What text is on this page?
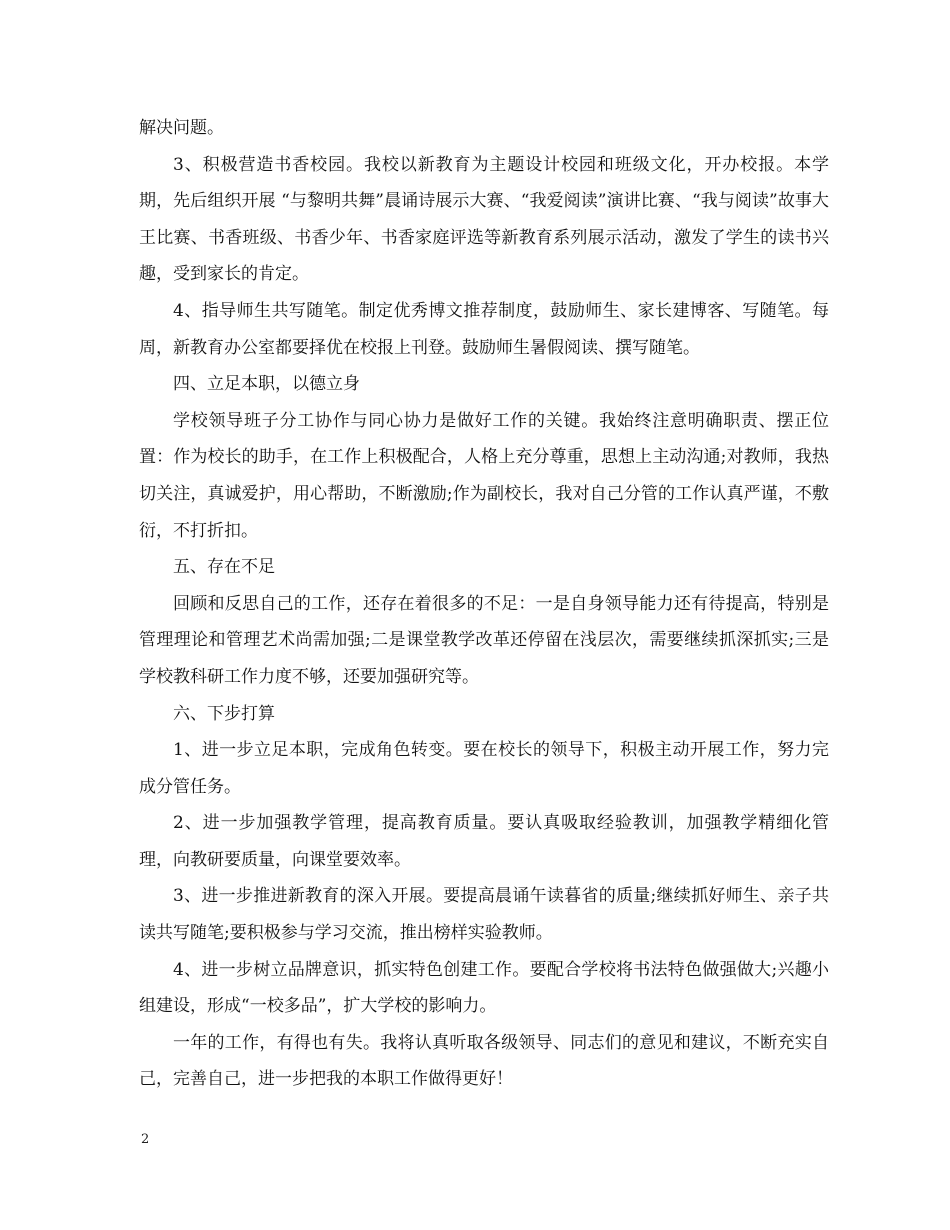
解决问题。

3、积极营造书香校园。我校以新教育为主题设计校园和班级文化，开办校报。本学期，先后组织开展 “与黎明共舞”晨诵诗展示大赛、“我爱阅读”演讲比赛、“我与阅读”故事大王比赛、书香班级、书香少年、书香家庭评选等新教育系列展示活动，激发了学生的读书兴趣，受到家长的肯定。

4、指导师生共写随笔。制定优秀博文推荐制度，鼓励师生、家长建博客、写随笔。每周，新教育办公室都要择优在校报上刊登。鼓励师生暑假阅读、撰写随笔。

四、立足本职，以德立身

学校领导班子分工协作与同心协力是做好工作的关键。我始终注意明确职责、摆正位置：作为校长的助手，在工作上积极配合，人格上充分尊重，思想上主动沟通;对教师，我热切关注，真诚爱护，用心帮助，不断激励;作为副校长，我对自己分管的工作认真严谨，不敷衍，不打折扣。

五、存在不足

回顾和反思自己的工作，还存在着很多的不足：一是自身领导能力还有待提高，特别是管理理论和管理艺术尚需加强;二是课堂教学改革还停留在浅层次，需要继续抓深抓实;三是学校教科研工作力度不够，还要加强研究等。

六、下步打算

1、进一步立足本职，完成角色转变。要在校长的领导下，积极主动开展工作，努力完成分管任务。

2、进一步加强教学管理，提高教育质量。要认真吸取经验教训，加强教学精细化管理，向教研要质量，向课堂要效率。

3、进一步推进新教育的深入开展。要提高晨诵午读暮省的质量;继续抓好师生、亲子共读共写随笔;要积极参与学习交流，推出榜样实验教师。

4、进一步树立品牌意识，抓实特色创建工作。要配合学校将书法特色做强做大;兴趣小组建设，形成“一校多品”，扩大学校的影响力。

一年的工作，有得也有失。我将认真听取各级领导、同志们的意见和建议，不断充实自己，完善自己，进一步把我的本职工作做得更好！

2
